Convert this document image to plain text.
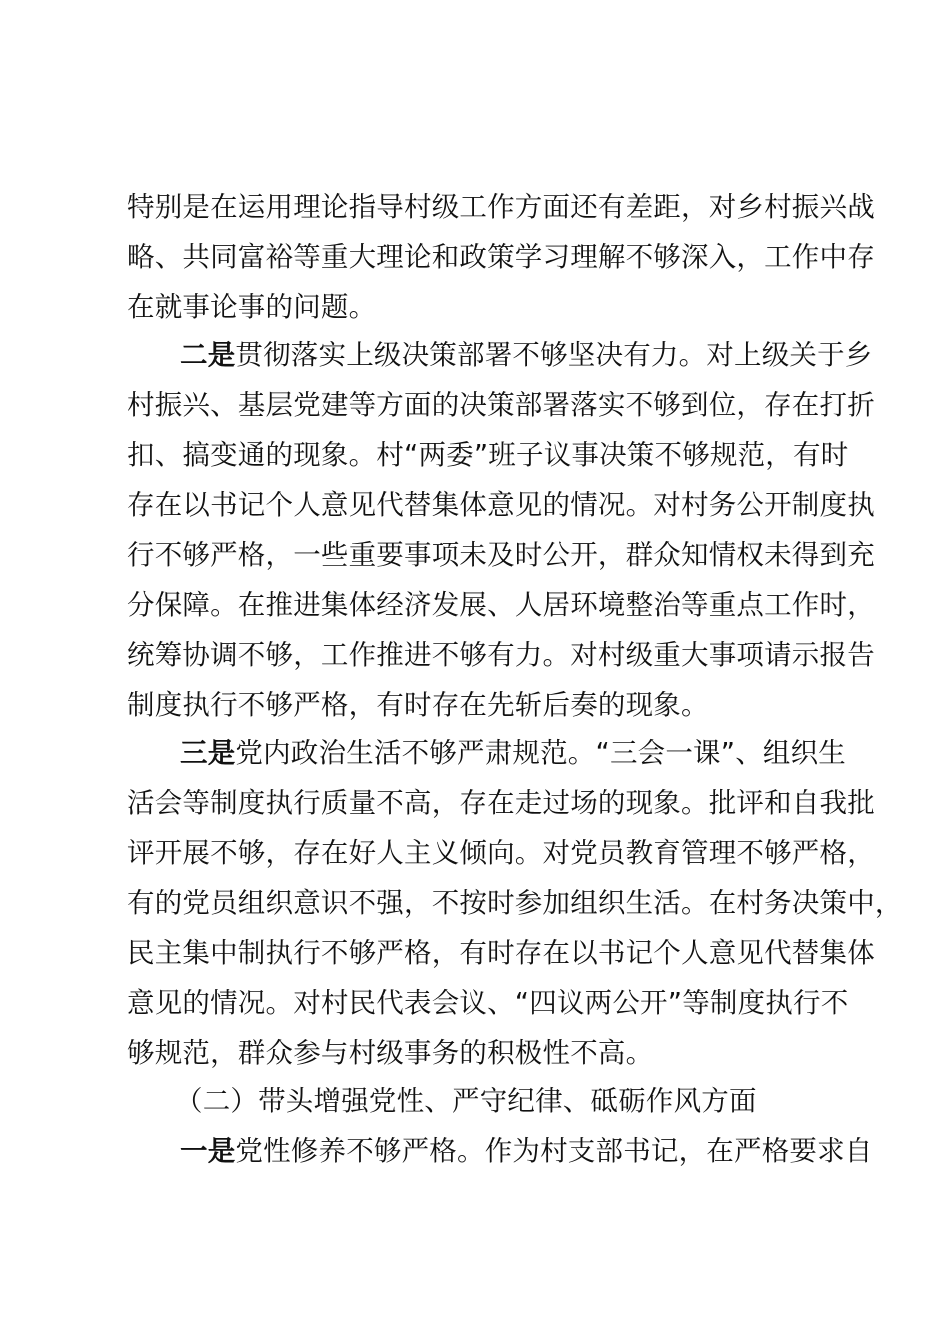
特别是在运用理论指导村级工作方面还有差距，对乡村振兴战
略、共同富裕等重大理论和政策学习理解不够深入，工作中存
在就事论事的问题。
二是贯彻落实上级决策部署不够坚决有力。对上级关于乡
村振兴、基层党建等方面的决策部署落实不够到位，存在打折
扣、搞变通的现象。村“两委”班子议事决策不够规范，有时
存在以书记个人意见代替集体意见的情况。对村务公开制度执
行不够严格，一些重要事项未及时公开，群众知情权未得到充
分保障。在推进集体经济发展、人居环境整治等重点工作时，
统筹协调不够，工作推进不够有力。对村级重大事项请示报告
制度执行不够严格，有时存在先斩后奏的现象。
三是党内政治生活不够严肃规范。“三会一课”、组织生
活会等制度执行质量不高，存在走过场的现象。批评和自我批
评开展不够，存在好人主义倾向。对党员教育管理不够严格，
有的党员组织意识不强，不按时参加组织生活。在村务决策中，
民主集中制执行不够严格，有时存在以书记个人意见代替集体
意见的情况。对村民代表会议、“四议两公开”等制度执行不
够规范，群众参与村级事务的积极性不高。
（二）带头增强党性、严守纪律、砥砺作风方面
一是党性修养不够严格。作为村支部书记，在严格要求自
